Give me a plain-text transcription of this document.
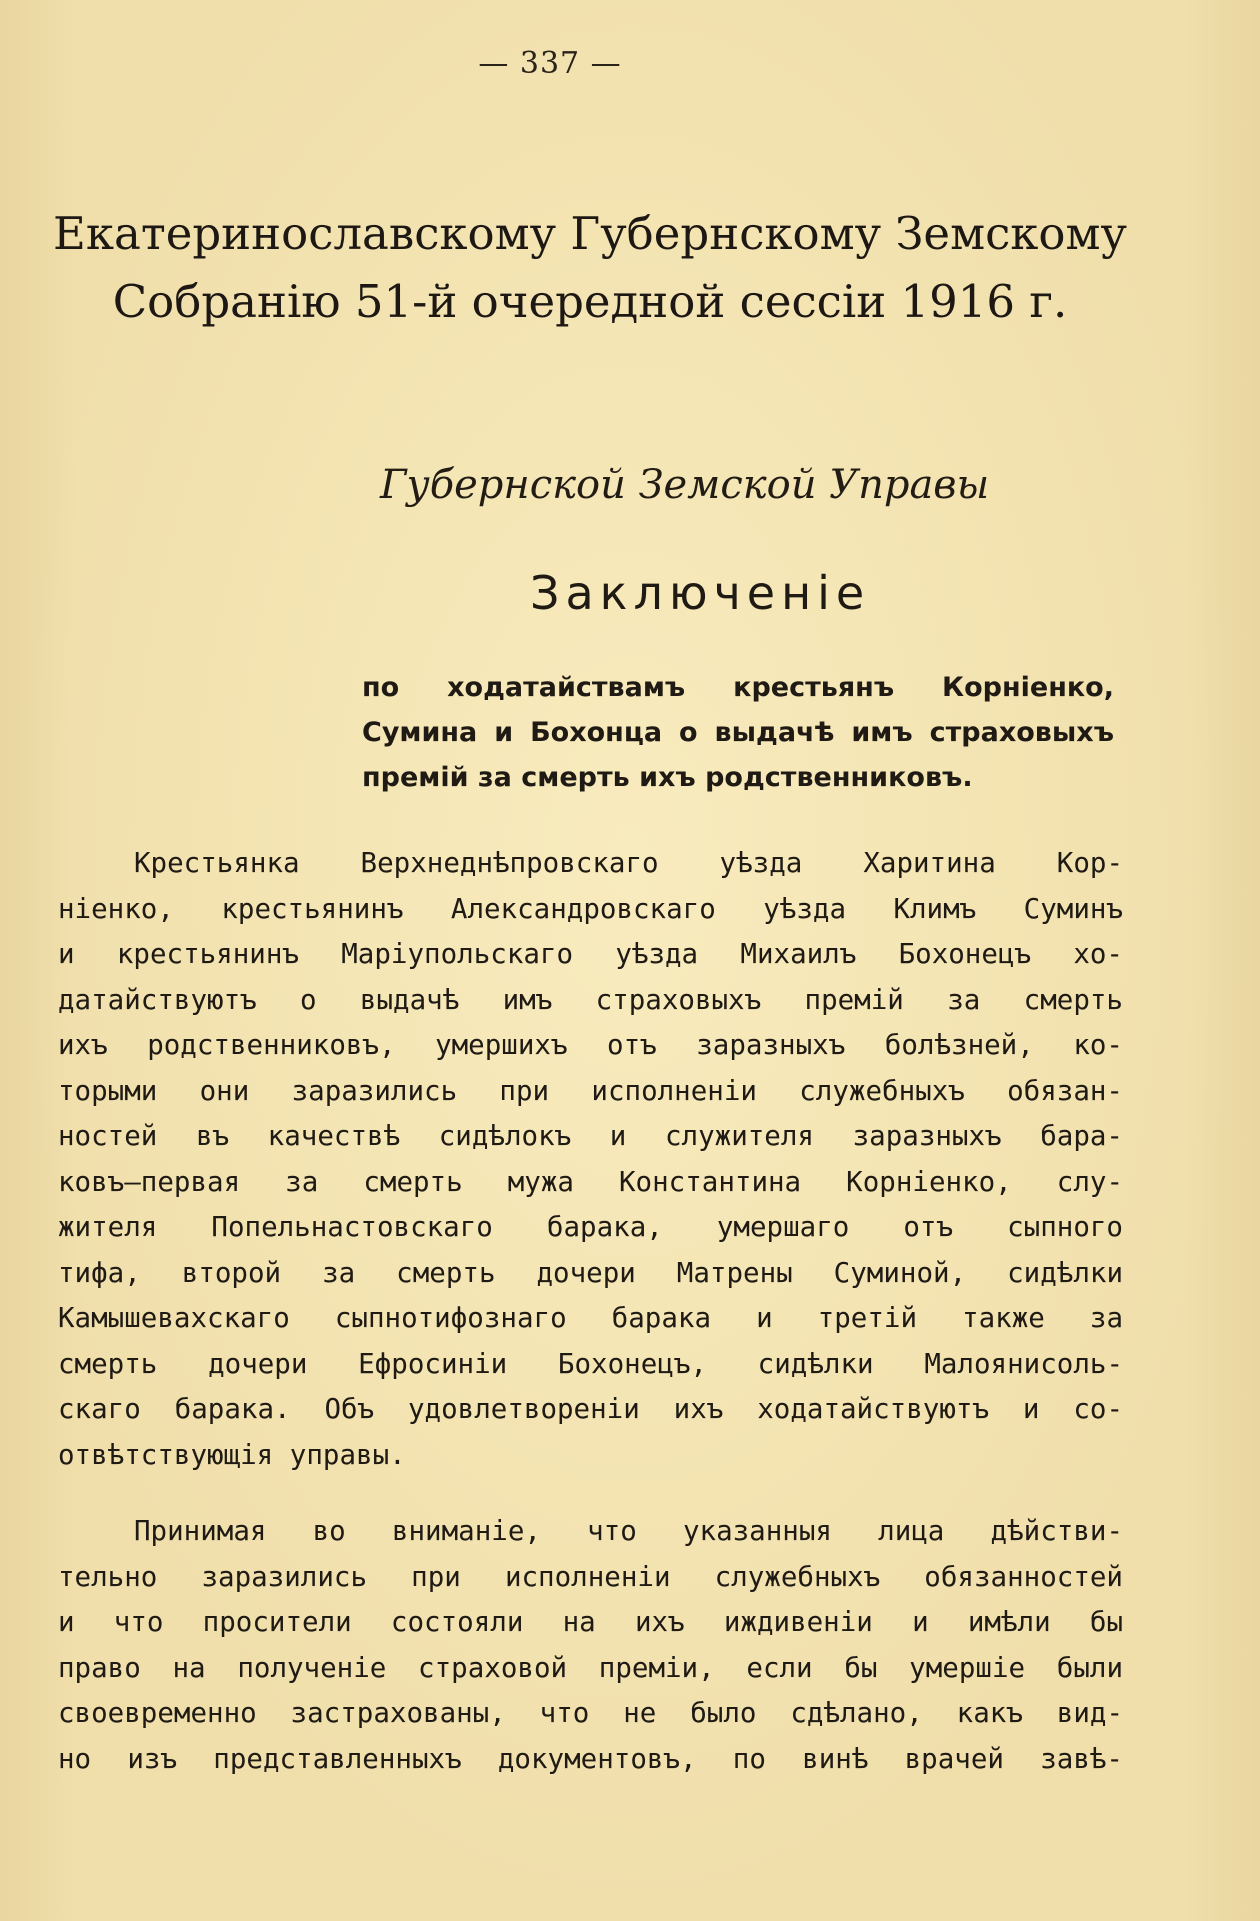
— 337 —
Екатеринославскому Губернскому Земскому
Собранію 51-й очередной сессіи 1916 г.
Губернской Земской Управы
Заключеніе
по ходатайствамъ крестьянъ Корніенко,
Сумина и Бохонца о выдачѣ имъ страховыхъ
премій за смерть ихъ родственниковъ.
Крестьянка Верхнеднѣпровскаго уѣзда Харитина Кор-
ніенко, крестьянинъ Александровскаго уѣзда Климъ Суминъ
и крестьянинъ Маріупольскаго уѣзда Михаилъ Бохонецъ хо-
датайствуютъ о выдачѣ имъ страховыхъ премій за смерть
ихъ родственниковъ, умершихъ отъ заразныхъ болѣзней, ко-
торыми они заразились при исполненіи служебныхъ обязан-
ностей въ качествѣ сидѣлокъ и служителя заразныхъ бара-
ковъ—первая за смерть мужа Константина Корніенко, слу-
жителя Попельнастовскаго барака, умершаго отъ сыпного
тифа, второй за смерть дочери Матрены Суминой, сидѣлки
Камышевахскаго сыпнотифознаго барака и третій также за
смерть дочери Ефросиніи Бохонецъ, сидѣлки Малоянисоль-
скаго барака. Объ удовлетвореніи ихъ ходатайствуютъ и со-
отвѣтствующія управы.
Принимая во вниманіе, что указанныя лица дѣйстви-
тельно заразились при исполненіи служебныхъ обязанностей
и что просители состояли на ихъ иждивеніи и имѣли бы
право на полученіе страховой преміи, если бы умершіе были
своевременно застрахованы, что не было сдѣлано, какъ вид-
но изъ представленныхъ документовъ, по винѣ врачей завѣ-
